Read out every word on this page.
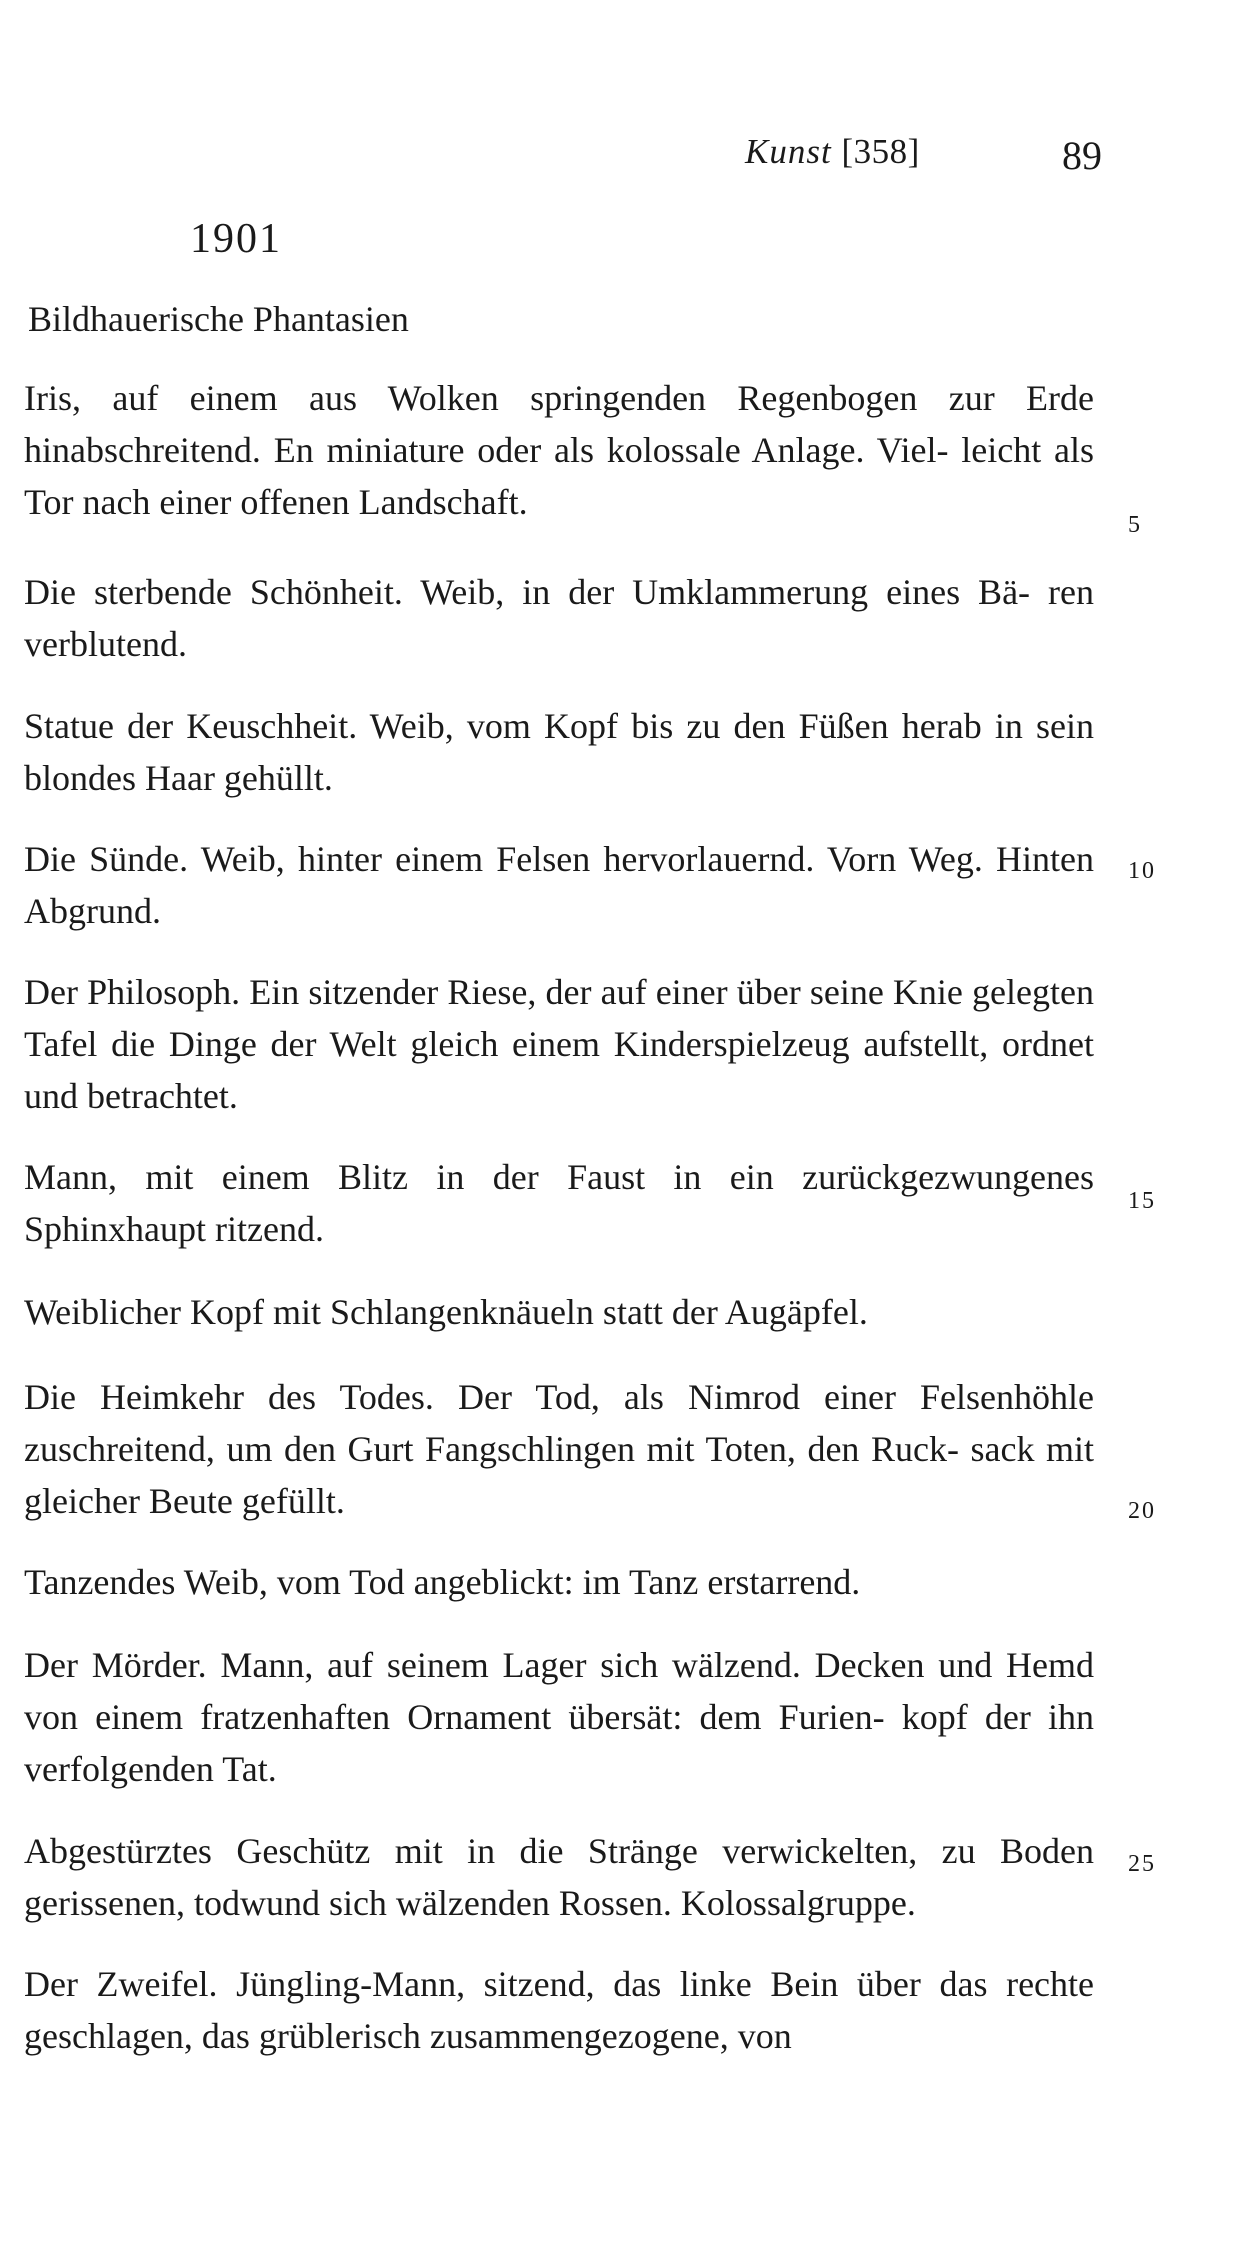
Kunst [358]	89
1901
Bildhauerische Phantasien

Iris, auf einem aus Wolken springenden Regenbogen zur Erde hinabschreitend. En miniature oder als kolossale Anlage. Viel- leicht als Tor nach einer offenen Landschaft.

Die sterbende Schönheit. Weib, in der Umklammerung eines Bä- ren verblutend.

Statue der Keuschheit. Weib, vom Kopf bis zu den Füßen herab in sein blondes Haar gehüllt.

Die Sünde. Weib, hinter einem Felsen hervorlauernd. Vorn Weg. Hinten Abgrund.

Der Philosoph. Ein sitzender Riese, der auf einer über seine Knie gelegten Tafel die Dinge der Welt gleich einem Kinderspielzeug aufstellt, ordnet und betrachtet.

Mann, mit einem Blitz in der Faust in ein zurückgezwungenes Sphinxhaupt ritzend.

Weiblicher Kopf mit Schlangenknäueln statt der Augäpfel.

Die Heimkehr des Todes. Der Tod, als Nimrod einer Felsenhöhle zuschreitend, um den Gurt Fangschlingen mit Toten, den Ruck- sack mit gleicher Beute gefüllt.

Tanzendes Weib, vom Tod angeblickt: im Tanz erstarrend.

Der Mörder. Mann, auf seinem Lager sich wälzend. Decken und Hemd von einem fratzenhaften Ornament übersät: dem Furien- kopf der ihn verfolgenden Tat.

Abgestürztes Geschütz mit in die Stränge verwickelten, zu Boden gerissenen, todwund sich wälzenden Rossen. Kolossalgruppe.

Der Zweifel. Jüngling-Mann, sitzend, das linke Bein über das rechte geschlagen, das grüblerisch zusammengezogene, von

5
10
15
20
25
